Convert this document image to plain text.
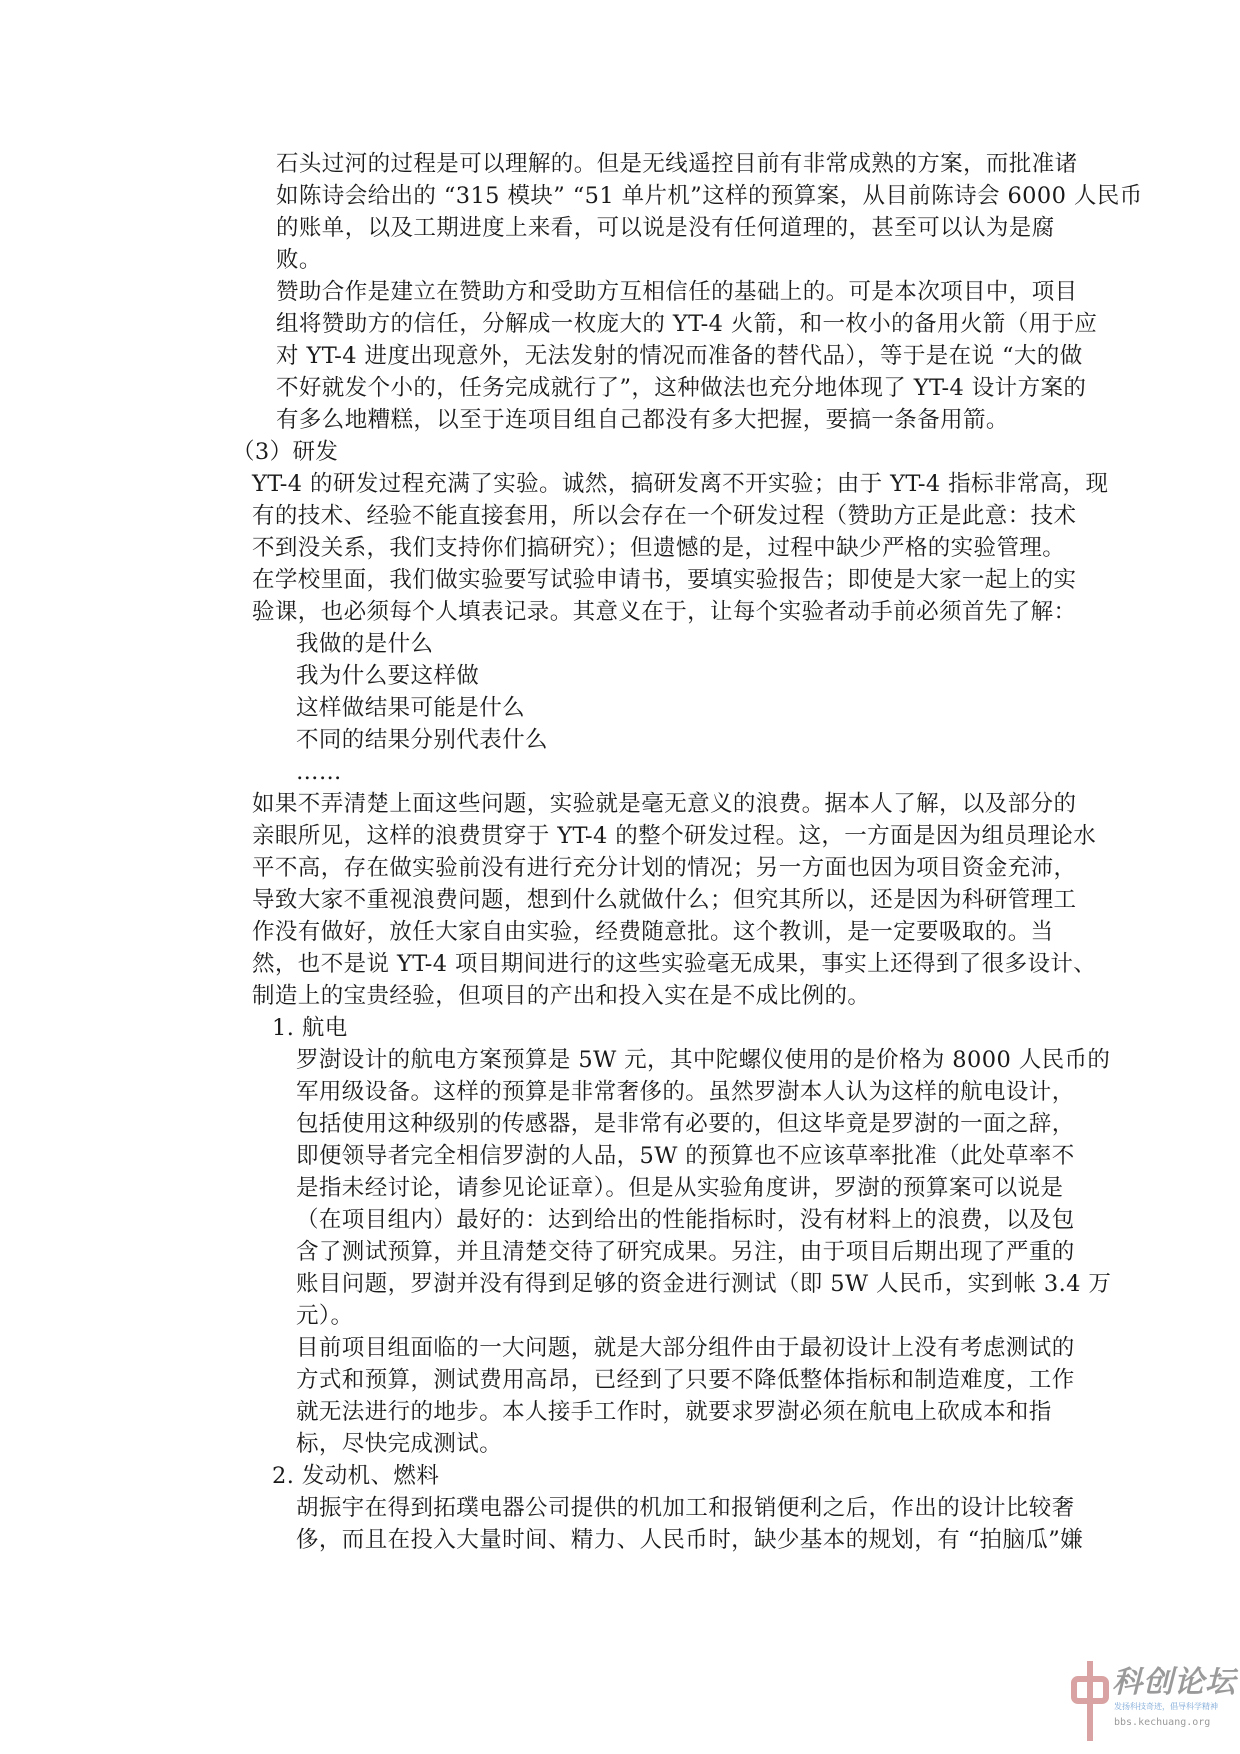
石头过河的过程是可以理解的。但是无线遥控目前有非常成熟的方案，而批准诸
如陈诗会给出的 “315 模块” “51 单片机”这样的预算案，从目前陈诗会 6000 人民币
的账单，以及工期进度上来看，可以说是没有任何道理的，甚至可以认为是腐
败。
赞助合作是建立在赞助方和受助方互相信任的基础上的。可是本次项目中，项目
组将赞助方的信任，分解成一枚庞大的 YT-4 火箭，和一枚小的备用火箭（用于应
对 YT-4 进度出现意外，无法发射的情况而准备的替代品），等于是在说 “大的做
不好就发个小的，任务完成就行了”，这种做法也充分地体现了 YT-4 设计方案的
有多么地糟糕，以至于连项目组自己都没有多大把握，要搞一条备用箭。
（3）研发
YT-4 的研发过程充满了实验。诚然，搞研发离不开实验；由于 YT-4 指标非常高，现
有的技术、经验不能直接套用，所以会存在一个研发过程（赞助方正是此意：技术
不到没关系，我们支持你们搞研究）；但遗憾的是，过程中缺少严格的实验管理。
在学校里面，我们做实验要写试验申请书，要填实验报告；即使是大家一起上的实
验课，也必须每个人填表记录。其意义在于，让每个实验者动手前必须首先了解：
我做的是什么
我为什么要这样做
这样做结果可能是什么
不同的结果分别代表什么
……
如果不弄清楚上面这些问题，实验就是毫无意义的浪费。据本人了解，以及部分的
亲眼所见，这样的浪费贯穿于 YT-4 的整个研发过程。这，一方面是因为组员理论水
平不高，存在做实验前没有进行充分计划的情况；另一方面也因为项目资金充沛，
导致大家不重视浪费问题，想到什么就做什么；但究其所以，还是因为科研管理工
作没有做好，放任大家自由实验，经费随意批。这个教训，是一定要吸取的。当
然，也不是说 YT-4 项目期间进行的这些实验毫无成果，事实上还得到了很多设计、
制造上的宝贵经验，但项目的产出和投入实在是不成比例的。
1. 航电
罗澍设计的航电方案预算是 5W 元，其中陀螺仪使用的是价格为 8000 人民币的
军用级设备。这样的预算是非常奢侈的。虽然罗澍本人认为这样的航电设计，
包括使用这种级别的传感器，是非常有必要的，但这毕竟是罗澍的一面之辞，
即便领导者完全相信罗澍的人品，5W 的预算也不应该草率批准（此处草率不
是指未经讨论，请参见论证章）。但是从实验角度讲，罗澍的预算案可以说是
（在项目组内）最好的：达到给出的性能指标时，没有材料上的浪费，以及包
含了测试预算，并且清楚交待了研究成果。另注，由于项目后期出现了严重的
账目问题，罗澍并没有得到足够的资金进行测试（即 5W 人民币，实到帐 3.4 万
元）。
目前项目组面临的一大问题，就是大部分组件由于最初设计上没有考虑测试的
方式和预算，测试费用高昂，已经到了只要不降低整体指标和制造难度，工作
就无法进行的地步。本人接手工作时，就要求罗澍必须在航电上砍成本和指
标，尽快完成测试。
2. 发动机、燃料
胡振宇在得到拓璞电器公司提供的机加工和报销便利之后，作出的设计比较奢
侈，而且在投入大量时间、精力、人民币时，缺少基本的规划，有 “拍脑瓜”嫌
科创论坛
发扬科技奇迹，倡导科学精神
bbs.kechuang.org
